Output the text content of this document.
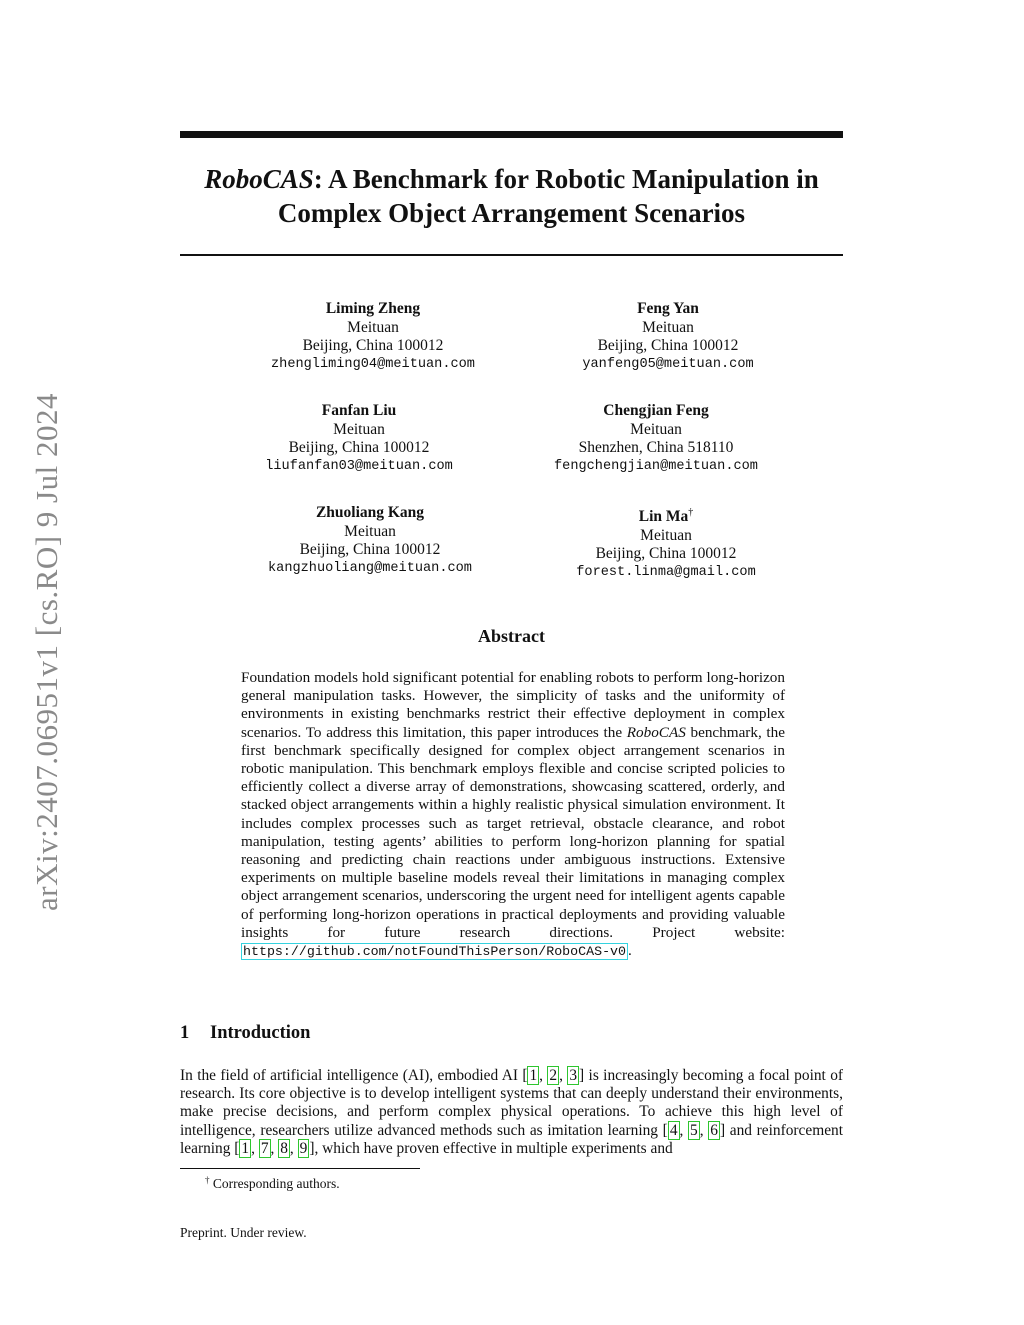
arXiv:2407.06951v1 [cs.RO] 9 Jul 2024
RoboCAS: A Benchmark for Robotic Manipulation in
Complex Object Arrangement Scenarios
Liming Zheng
Meituan
Beijing, China 100012
zhengliming04@meituan.com
Feng Yan
Meituan
Beijing, China 100012
yanfeng05@meituan.com
Fanfan Liu
Meituan
Beijing, China 100012
liufanfan03@meituan.com
Chengjian Feng
Meituan
Shenzhen, China 518110
fengchengjian@meituan.com
Zhuoliang Kang
Meituan
Beijing, China 100012
kangzhuoliang@meituan.com
Lin Ma†
Meituan
Beijing, China 100012
forest.linma@gmail.com
Abstract

Foundation models hold significant potential for enabling robots to perform long-horizon general manipulation tasks. However, the simplicity of tasks and the uniformity of environments in existing benchmarks restrict their effective deployment in complex scenarios. To address this limitation, this paper introduces the RoboCAS benchmark, the first benchmark specifically designed for complex object arrangement scenarios in robotic manipulation. This benchmark employs flexible and concise scripted policies to efficiently collect a diverse array of demonstrations, showcasing scattered, orderly, and stacked object arrangements within a highly realistic physical simulation environment. It includes complex processes such as target retrieval, obstacle clearance, and robot manipulation, testing agents’ abilities to perform long-horizon planning for spatial reasoning and predicting chain reactions under ambiguous instructions. Extensive experiments on multiple baseline models reveal their limitations in managing complex object arrangement scenarios, underscoring the urgent need for intelligent agents capable of performing long-horizon operations in practical deployments and providing valuable insights for future research directions. Project website: https://github.com/notFoundThisPerson/RoboCAS-v0 .

1 Introduction

In the field of artificial intelligence (AI), embodied AI [ 1 , 2 , 3 ] is increasingly becoming a focal point of research. Its core objective is to develop intelligent systems that can deeply understand their environments, make precise decisions, and perform complex physical operations. To achieve this high level of intelligence, researchers utilize advanced methods such as imitation learning [ 4 , 5 , 6 ] and reinforcement learning [ 1 , 7 , 8 , 9 ], which have proven effective in multiple experiments and

† Corresponding authors.
Preprint. Under review.
